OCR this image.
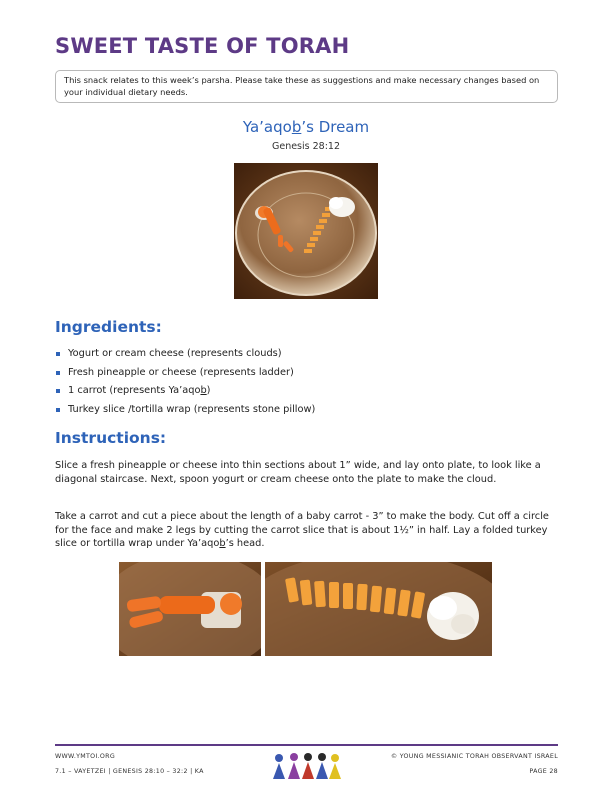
SWEET TASTE OF TORAH
This snack relates to this week’s parsha. Please take these as suggestions and make necessary changes based on your individual dietary needs.
Ya’aqob’s Dream
Genesis 28:12
Ingredients:
Yogurt or cream cheese (represents clouds)
Fresh pineapple or cheese (represents ladder)
1 carrot (represents Ya’aqob)
Turkey slice /tortilla wrap (represents stone pillow)
Instructions:

Slice a fresh pineapple or cheese into thin sections about 1” wide, and lay onto plate, to look like a diagonal staircase. Next, spoon yogurt or cream cheese onto the plate to make the cloud.

Take a carrot and cut a piece about the length of a baby carrot - 3” to make the body. Cut off a circle for the face and make 2 legs by cutting the carrot slice that is about 1½” in half. Lay a folded turkey slice or tortilla wrap under Ya’aqob’s head.

WWW.YMTOI.ORG	© YOUNG MESSIANIC TORAH OBSERVANT ISRAEL
7.1 – VAYETZEI | GENESIS 28:10 – 32:2 | KA	PAGE 28
